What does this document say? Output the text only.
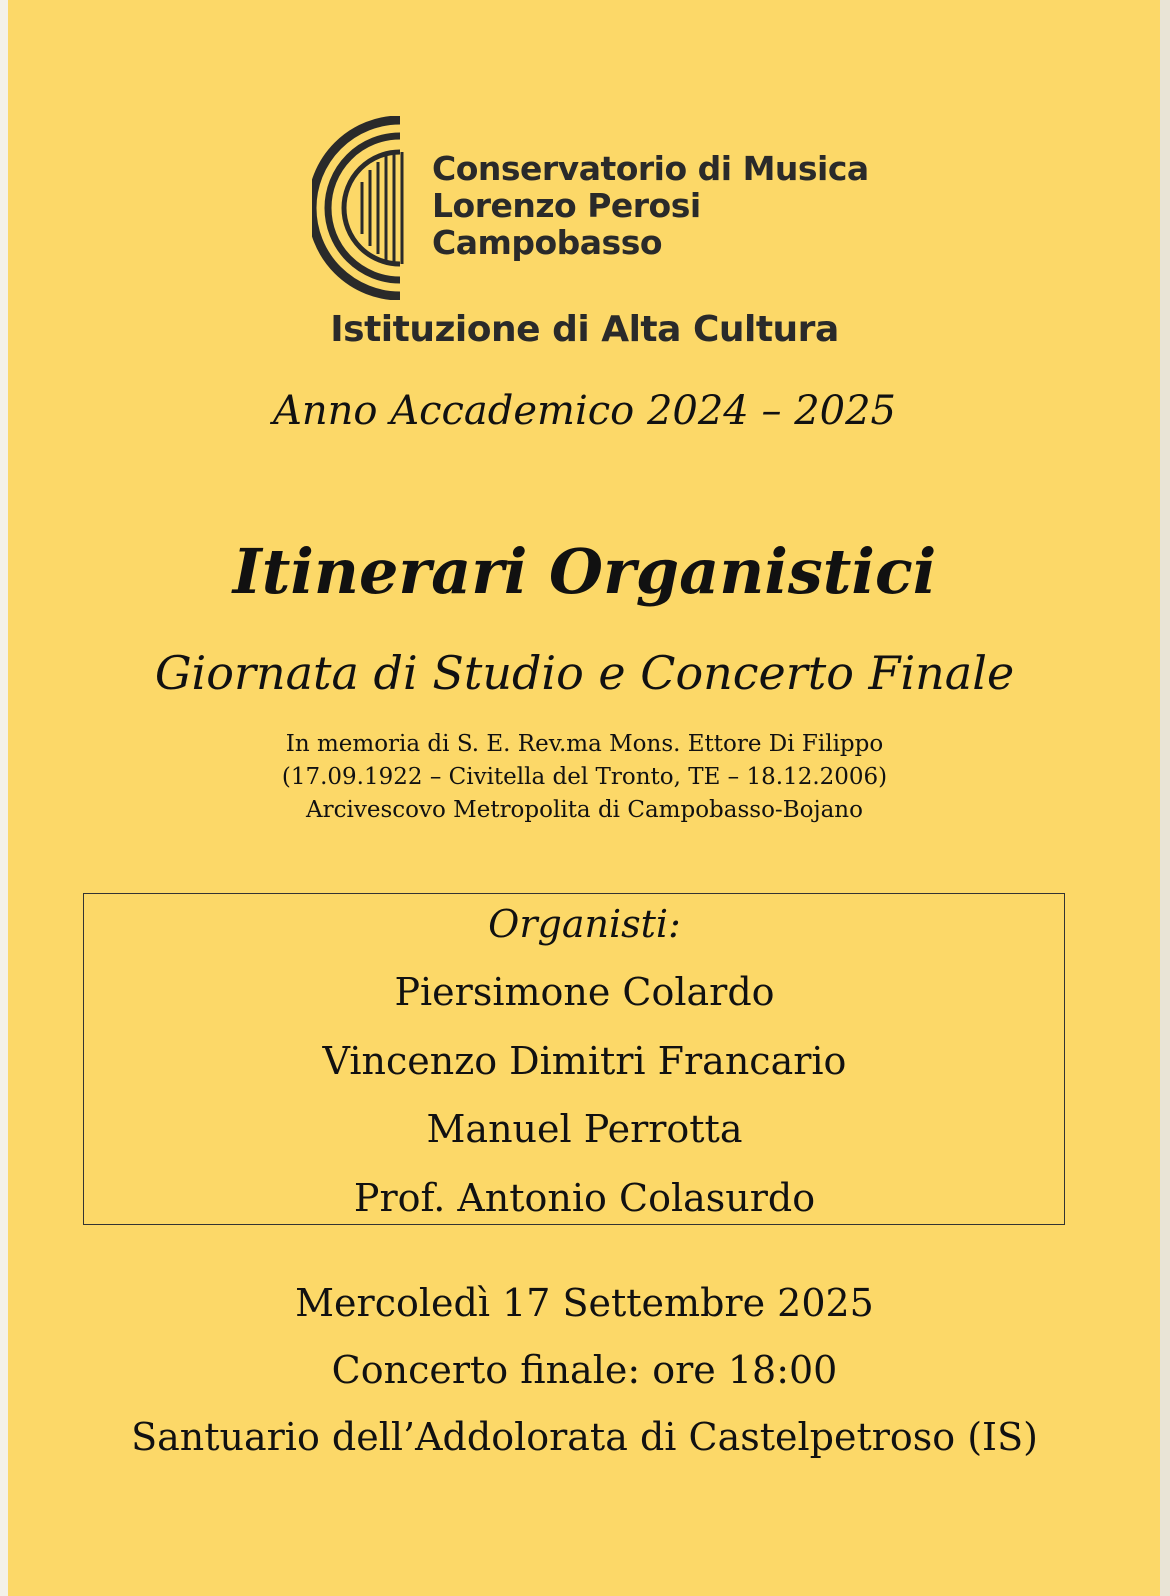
Conservatorio di Musica
Lorenzo Perosi
Campobasso
Istituzione di Alta Cultura
Anno Accademico 2024 – 2025
Itinerari Organistici
Giornata di Studio e Concerto Finale
In memoria di S. E. Rev.ma Mons. Ettore Di Filippo
(17.09.1922 – Civitella del Tronto, TE – 18.12.2006)
Arcivescovo Metropolita di Campobasso-Bojano
Organisti:
Piersimone Colardo
Vincenzo Dimitri Francario
Manuel Perrotta
Prof. Antonio Colasurdo
Mercoledì 17 Settembre 2025
Concerto finale: ore 18:00
Santuario dell’Addolorata di Castelpetroso (IS)
